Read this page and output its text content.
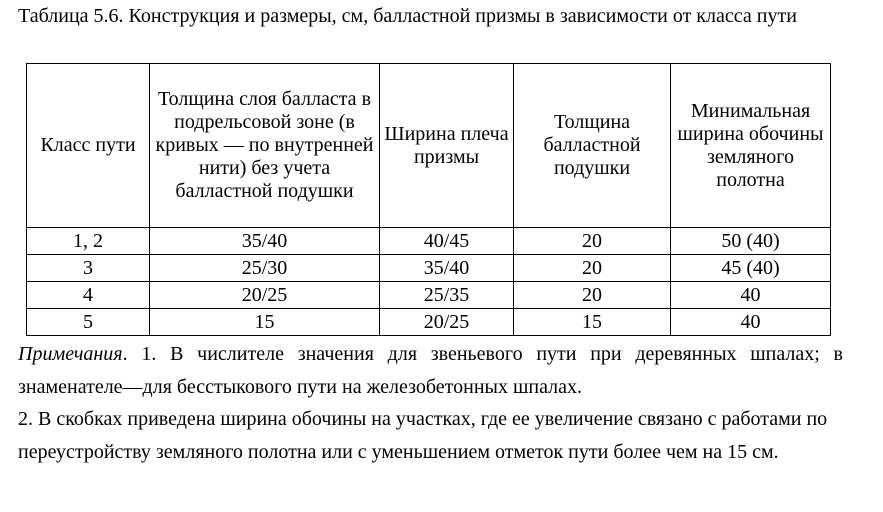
Таблица 5.6. Конструкция и размеры, см, балластной призмы в зависимости от класса пути
Класс пути	Толщина слоя балласта в подрельсовой зоне (в кривых — по внутренней нити) без учета балластной подушки	Ширина плеча призмы	Толщина балластной подушки	Минимальная ширина обочины земляного полотна
1, 2	35/40	40/45	20	50 (40)
3	25/30	35/40	20	45 (40)
4	20/25	25/35	20	40
5	15	20/25	15	40

Примечания. 1. В числителе значения для звеньевого пути при деревянных шпалах; в знаменателе—для бесстыкового пути на железобетонных шпалах.

2. В скобках приведена ширина обочины на участках, где ее увеличение связано с работами по переустройству земляного полотна или с уменьшением отметок пути более чем на 15 см.
